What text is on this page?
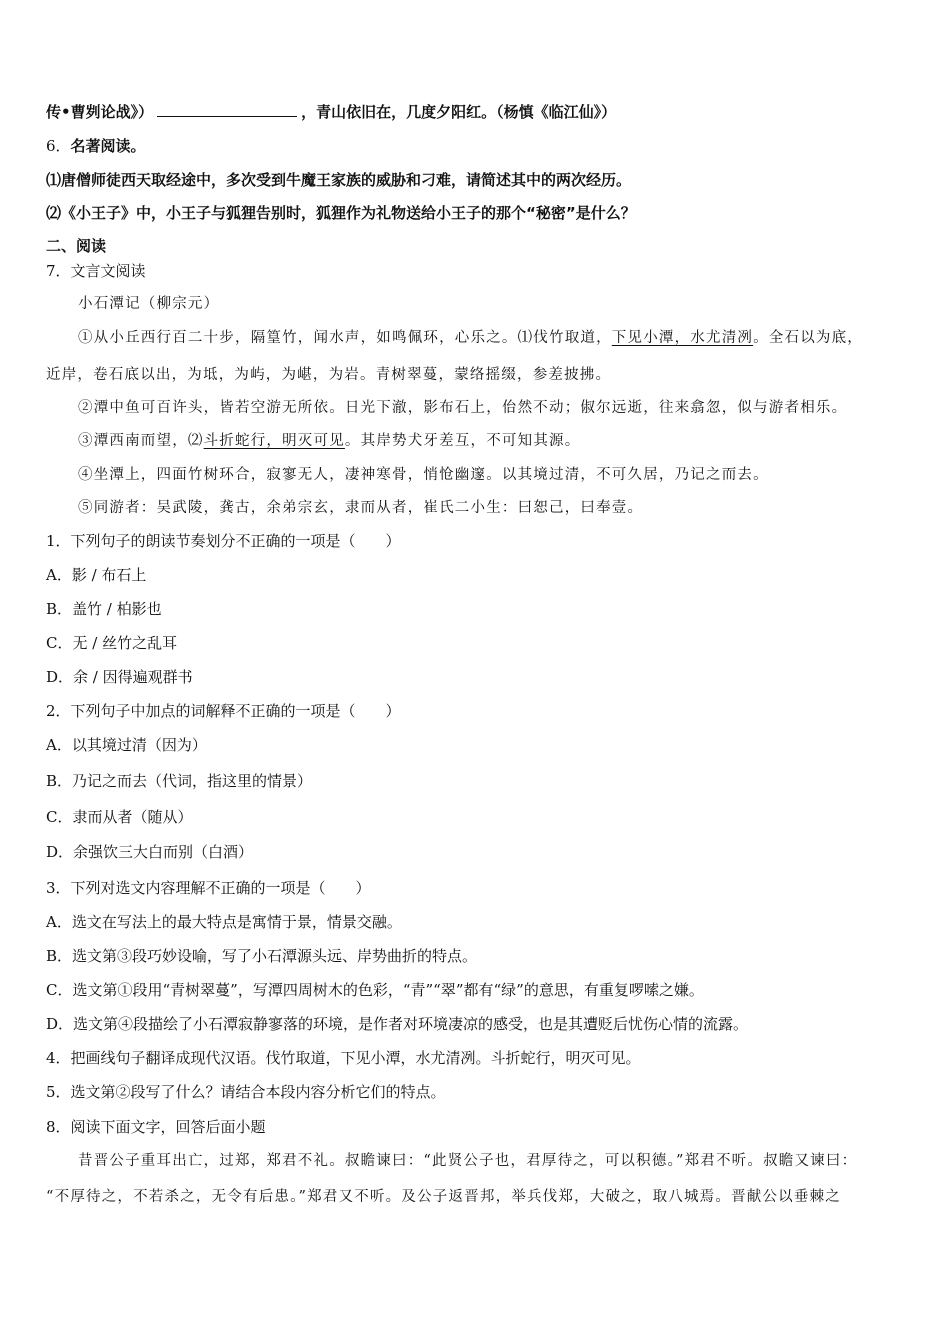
传•曹刿论战》）	，青山依旧在，几度夕阳红。（杨慎《临江仙》）
6．名著阅读。
⑴唐僧师徒西天取经途中，多次受到牛魔王家族的威胁和刁难，请简述其中的两次经历。
⑵《小王子》中，小王子与狐狸告别时，狐狸作为礼物送给小王子的那个“秘密”是什么？
二、阅读
7．文言文阅读
小石潭记（柳宗元）
①从小丘西行百二十步，隔篁竹，闻水声，如鸣佩环，心乐之。⑴伐竹取道，下见小潭，水尤清冽。全石以为底，
近岸，卷石底以出，为坻，为屿，为嵁，为岩。青树翠蔓，蒙络摇缀，参差披拂。
②潭中鱼可百许头，皆若空游无所依。日光下澈，影布石上，佁然不动；俶尔远逝，往来翕忽，似与游者相乐。
③潭西南而望，⑵斗折蛇行，明灭可见。其岸势犬牙差互，不可知其源。
④坐潭上，四面竹树环合，寂寥无人，凄神寒骨，悄怆幽邃。以其境过清，不可久居，乃记之而去。
⑤同游者：吴武陵，龚古，余弟宗玄，隶而从者，崔氏二小生：曰恕己，曰奉壹。
1．下列句子的朗读节奏划分不正确的一项是（　　）
A．影 / 布石上
B．盖竹 / 柏影也
C．无 / 丝竹之乱耳
D．余 / 因得遍观群书
2．下列句子中加点的词解释不正确的一项是（　　）
A．以其境过清（因为）
B．乃记之而去（代词，指这里的情景）
C．隶而从者（随从）
D．余强饮三大白而别（白酒）
3．下列对选文内容理解不正确的一项是（　　）
A．选文在写法上的最大特点是寓情于景，情景交融。
B．选文第③段巧妙设喻，写了小石潭源头远、岸势曲折的特点。
C．选文第①段用“青树翠蔓”，写潭四周树木的色彩，“青”“翠”都有“绿”的意思，有重复啰嗦之嫌。
D．选文第④段描绘了小石潭寂静寥落的环境，是作者对环境凄凉的感受，也是其遭贬后忧伤心情的流露。
4．把画线句子翻译成现代汉语。伐竹取道，下见小潭，水尤清冽。斗折蛇行，明灭可见。
5．选文第②段写了什么？请结合本段内容分析它们的特点。
8．阅读下面文字，回答后面小题
昔晋公子重耳出亡，过郑，郑君不礼。叔瞻谏曰：“此贤公子也，君厚待之，可以积德。”郑君不听。叔瞻又谏曰：
“不厚待之，不若杀之，无令有后患。”郑君又不听。及公子返晋邦，举兵伐郑，大破之，取八城焉。晋献公以垂棘之
